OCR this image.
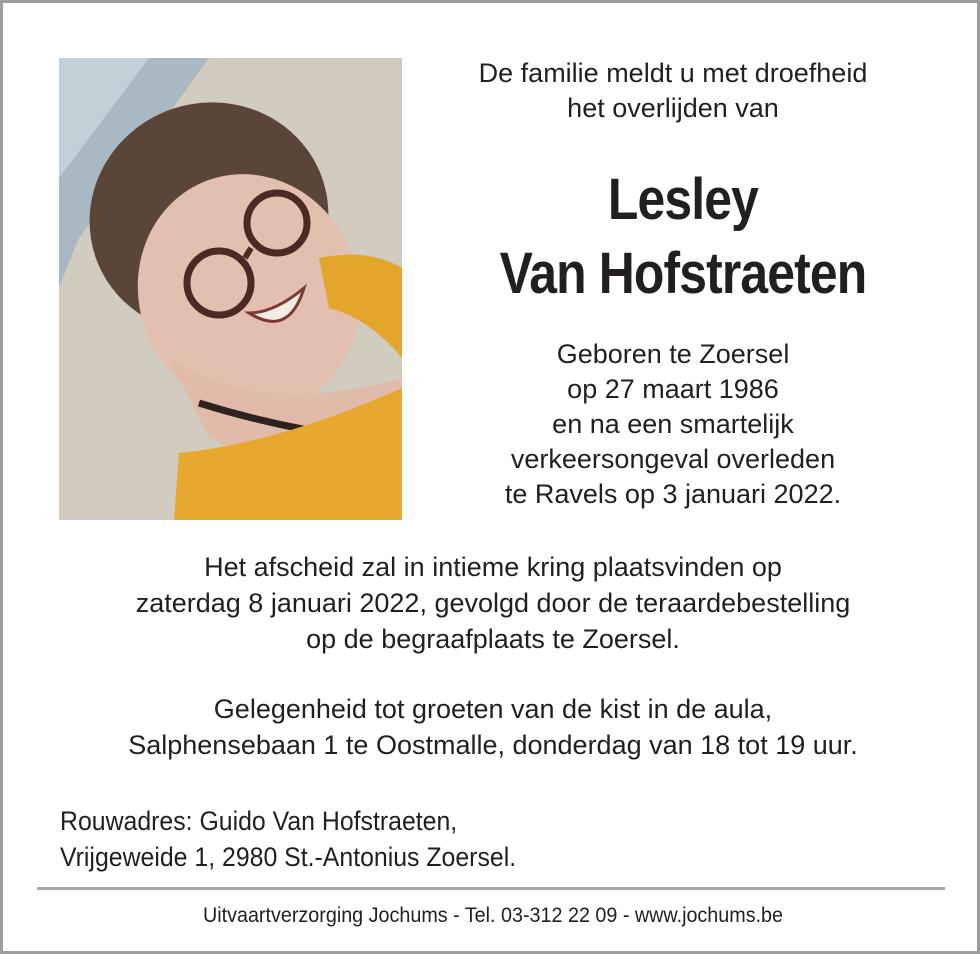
De familie meldt u met droefheid
het overlijden van
Lesley
Van Hofstraeten
Geboren te Zoersel
op 27 maart 1986
en na een smartelijk
verkeersongeval overleden
te Ravels op 3 januari 2022.
Het afscheid zal in intieme kring plaatsvinden op
zaterdag 8 januari 2022, gevolgd door de teraardebestelling
op de begraafplaats te Zoersel.
Gelegenheid tot groeten van de kist in de aula,
Salphensebaan 1 te Oostmalle, donderdag van 18 tot 19 uur.
Rouwadres: Guido Van Hofstraeten,
Vrijgeweide 1, 2980 St.-Antonius Zoersel.
Uitvaartverzorging Jochums - Tel. 03-312 22 09 - www.jochums.be
